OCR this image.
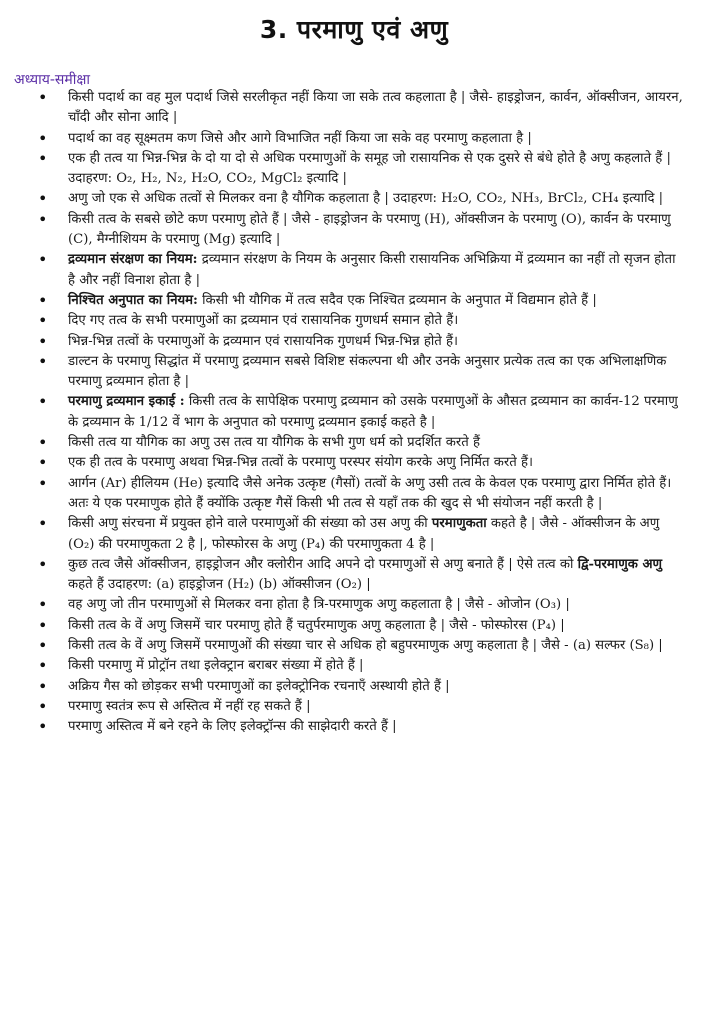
3. परमाणु एवं अणु
अध्याय-समीक्षा
• किसी पदार्थ का वह मुल पदार्थ जिसे सरलीकृत नहीं किया जा सके तत्व कहलाता है | जैसे- हाइड्रोजन, कार्वन, ऑक्सीजन, आयरन, चाँदी और सोना आदि |
• पदार्थ का वह सूक्ष्मतम कण जिसे और आगे विभाजित नहीं किया जा सके वह परमाणु कहलाता है |
• एक ही तत्व या भिन्न-भिन्न के दो या दो से अधिक परमाणुओं के समूह जो रासायनिक से एक दुसरे से बंधे होते है अणु कहलाते हैं | उदाहरण: O₂, H₂, N₂, H₂O, CO₂, MgCl₂ इत्यादि |
• अणु जो एक से अधिक तत्वों से मिलकर वना है यौगिक कहलाता है | उदाहरण: H₂O, CO₂, NH₃, BrCl₂, CH₄ इत्यादि |
• किसी तत्व के सबसे छोटे कण परमाणु होते हैं | जैसे - हाइड्रोजन के परमाणु (H), ऑक्सीजन के परमाणु (O), कार्वन के परमाणु (C), मैग्नीशियम के परमाणु (Mg) इत्यादि |
• द्रव्यमान संरक्षण का नियम: द्रव्यमान संरक्षण के नियम के अनुसार किसी रासायनिक अभिक्रिया में द्रव्यमान का नहीं तो सृजन होता है और नहीं विनाश होता है |
• निश्चित अनुपात का नियम: किसी भी यौगिक में तत्व सदैव एक निश्चित द्रव्यमान के अनुपात में विद्यमान होते हैं |
• दिए गए तत्व के सभी परमाणुओं का द्रव्यमान एवं रासायनिक गुणधर्म समान होते हैं।
• भिन्न-भिन्न तत्वों के परमाणुओं के द्रव्यमान एवं रासायनिक गुणधर्म भिन्न-भिन्न होते हैं।
• डाल्टन के परमाणु सिद्धांत में परमाणु द्रव्यमान सबसे विशिष्ट संकल्पना थी और उनके अनुसार प्रत्येक तत्व का एक अभिलाक्षणिक परमाणु द्रव्यमान होता है |
• परमाणु द्रव्यमान इकाई : किसी तत्व के सापेक्षिक परमाणु द्रव्यमान को उसके परमाणुओं के औसत द्रव्यमान का कार्वन-12 परमाणु के द्रव्यमान के 1/12 वें भाग के अनुपात को परमाणु द्रव्यमान इकाई कहते है |
• किसी तत्व या यौगिक का अणु उस तत्व या यौगिक के सभी गुण धर्म को प्रदर्शित करते हैं
• एक ही तत्व के परमाणु अथवा भिन्न-भिन्न तत्वों के परमाणु परस्पर संयोग करके अणु निर्मित करते हैं।
• आर्गन (Ar) हीलियम (He) इत्यादि जैसे अनेक उत्कृष्ट (गैसों) तत्वों के अणु उसी तत्व के केवल एक परमाणु द्वारा निर्मित होते हैं। अतः ये एक परमाणुक होते हैं क्योंकि उत्कृष्ट गैसें किसी भी तत्व से यहाँ तक की खुद से भी संयोजन नहीं करती है |
• किसी अणु संरचना में प्रयुक्त होने वाले परमाणुओं की संख्या को उस अणु की परमाणुकता कहते है | जैसे - ऑक्सीजन के अणु (O₂) की परमाणुकता 2 है |, फोस्फोरस के अणु (P₄) की परमाणुकता 4 है |
• कुछ तत्व जैसे ऑक्सीजन, हाइड्रोजन और क्लोरीन आदि अपने दो परमाणुओं से अणु बनाते हैं | ऐसे तत्व को द्वि-परमाणुक अणु कहते हैं उदाहरण: (a) हाइड्रोजन (H₂) (b) ऑक्सीजन (O₂) |
• वह अणु जो तीन परमाणुओं से मिलकर वना होता है त्रि-परमाणुक अणु कहलाता है | जैसे - ओजोन (O₃) |
• किसी तत्व के वें अणु जिसमें चार परमाणु होते हैं चतुर्परमाणुक अणु कहलाता है | जैसे - फोस्फोरस (P₄) |
• किसी तत्व के वें अणु जिसमें परमाणुओं की संख्या चार से अधिक हो बहुपरमाणुक अणु कहलाता है | जैसे - (a) सल्फर (S₈) |
• किसी परमाणु में प्रोट्रॉन तथा इलेक्ट्रान बराबर संख्या में होते हैं |
• अक्रिय गैस को छोड़कर सभी परमाणुओं का इलेक्ट्रोनिक रचनाएँ अस्थायी होते हैं |
• परमाणु स्वतंत्र रूप से अस्तित्व में नहीं रह सकते हैं |
• परमाणु अस्तित्व में बने रहने के लिए इलेक्ट्रॉन्स की साझेदारी करते हैं |
